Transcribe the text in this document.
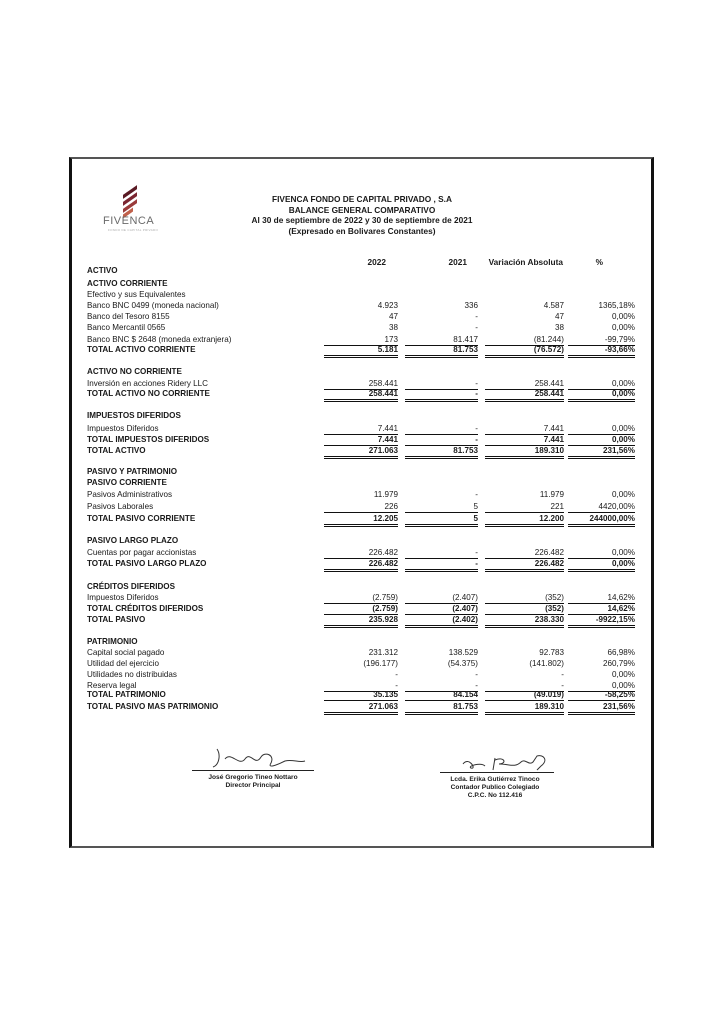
FIVENCA
FONDO DE CAPITAL PRIVADO
FIVENCA FONDO DE CAPITAL PRIVADO , S.A
BALANCE GENERAL COMPARATIVO
Al 30 de septiembre de 2022 y 30 de septiembre de 2021
(Expresado en Bolivares Constantes)
2022	2021	Variación Absoluta	%
ACTIVO
ACTIVO CORRIENTE
Efectivo y sus Equivalentes
Banco BNC 0499 (moneda nacional)	4.923	336	4.587	1365,18%
Banco del Tesoro 8155	47	-	47	0,00%
Banco Mercantil 0565	38	-	38	0,00%
Banco BNC $ 2648 (moneda extranjera)	173	81.417	(81.244)	-99,79%
TOTAL ACTIVO CORRIENTE	5.181	81.753	(76.572)	-93,66%
ACTIVO NO CORRIENTE
Inversión en acciones Ridery LLC	258.441	-	258.441	0,00%
TOTAL ACTIVO NO CORRIENTE	258.441	-	258.441	0,00%
IMPUESTOS DIFERIDOS
Impuestos Diferidos	7.441	-	7.441	0,00%
TOTAL IMPUESTOS DIFERIDOS	7.441	-	7.441	0,00%
TOTAL ACTIVO	271.063	81.753	189.310	231,56%
PASIVO Y PATRIMONIO
PASIVO CORRIENTE
Pasivos Administrativos	11.979	-	11.979	0,00%
Pasivos Laborales	226	5	221	4420,00%
TOTAL PASIVO CORRIENTE	12.205	5	12.200	244000,00%
PASIVO LARGO PLAZO
Cuentas por pagar accionistas	226.482	-	226.482	0,00%
TOTAL PASIVO LARGO PLAZO	226.482	-	226.482	0,00%
CRÉDITOS DIFERIDOS
Impuestos Diferidos	(2.759)	(2.407)	(352)	14,62%
TOTAL CRÉDITOS DIFERIDOS	(2.759)	(2.407)	(352)	14,62%
TOTAL PASIVO	235.928	(2.402)	238.330	-9922,15%
PATRIMONIO
Capital social pagado	231.312	138.529	92.783	66,98%
Utilidad del ejercicio	(196.177)	(54.375)	(141.802)	260,79%
Utilidades no distribuidas	-	-	-	0,00%
Reserva legal	-	-	-	0,00%
TOTAL PATRIMONIO	35.135	84.154	(49.019)	-58,25%
TOTAL PASIVO MAS PATRIMONIO	271.063	81.753	189.310	231,56%
José Gregorio Tineo Nottaro
Director Principal
Lcda. Erika Gutiérrez Tinoco
Contador Publico Colegiado
C.P.C. No 112.416
